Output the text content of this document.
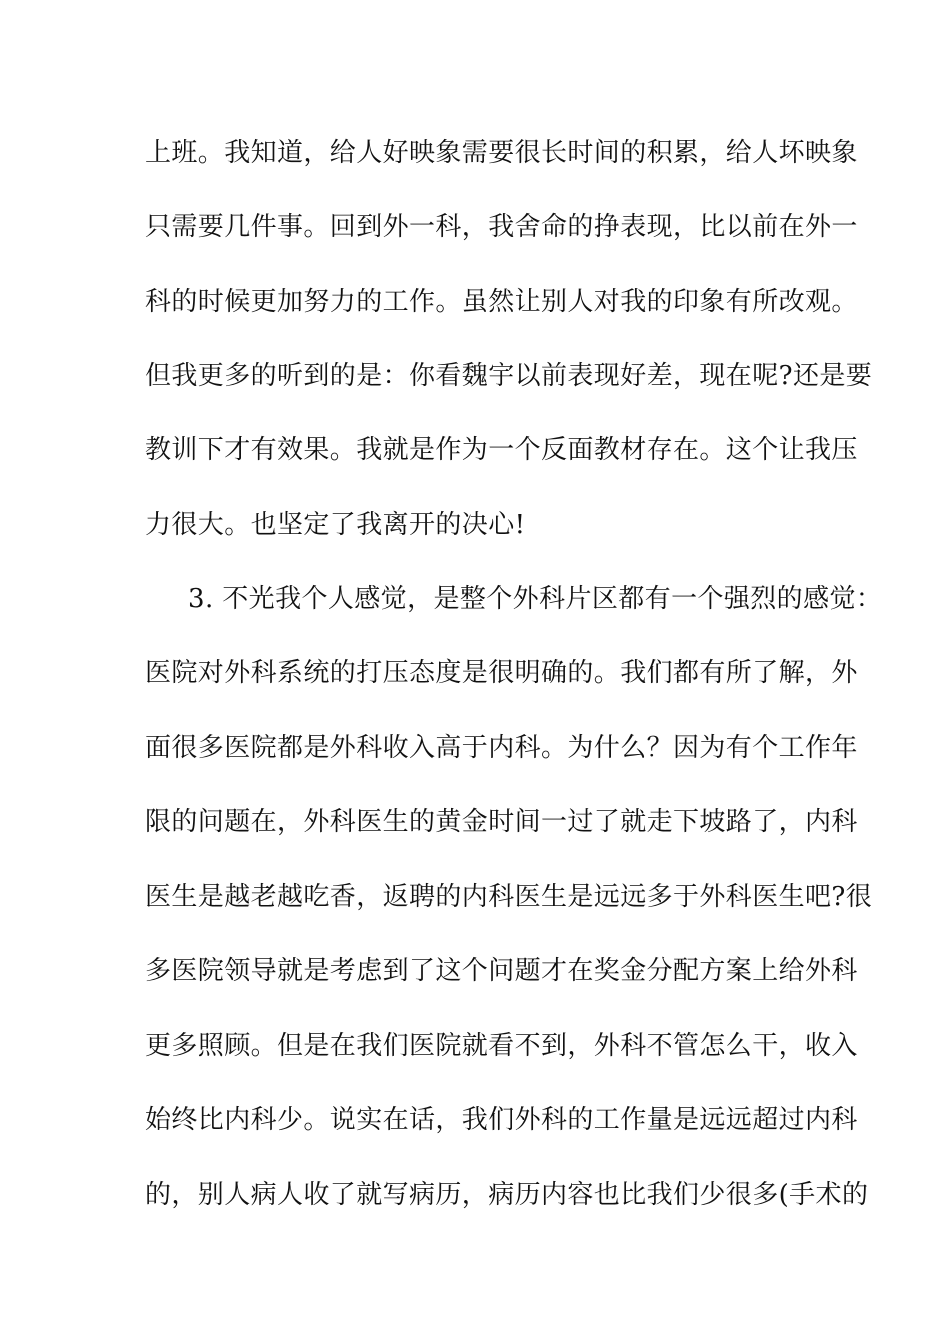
上班。我知道，给人好映象需要很长时间的积累，给人坏映象
只需要几件事。回到外一科，我舍命的挣表现，比以前在外一
科的时候更加努力的工作。虽然让别人对我的印象有所改观。
但我更多的听到的是：你看魏宇以前表现好差，现在呢?还是要
教训下才有效果。我就是作为一个反面教材存在。这个让我压
力很大。也坚定了我离开的决心!
3. 不光我个人感觉，是整个外科片区都有一个强烈的感觉：
医院对外科系统的打压态度是很明确的。我们都有所了解，外
面很多医院都是外科收入高于内科。为什么？因为有个工作年
限的问题在，外科医生的黄金时间一过了就走下坡路了，内科
医生是越老越吃香，返聘的内科医生是远远多于外科医生吧?很
多医院领导就是考虑到了这个问题才在奖金分配方案上给外科
更多照顾。但是在我们医院就看不到，外科不管怎么干，收入
始终比内科少。说实在话，我们外科的工作量是远远超过内科
的，别人病人收了就写病历，病历内容也比我们少很多(手术的
